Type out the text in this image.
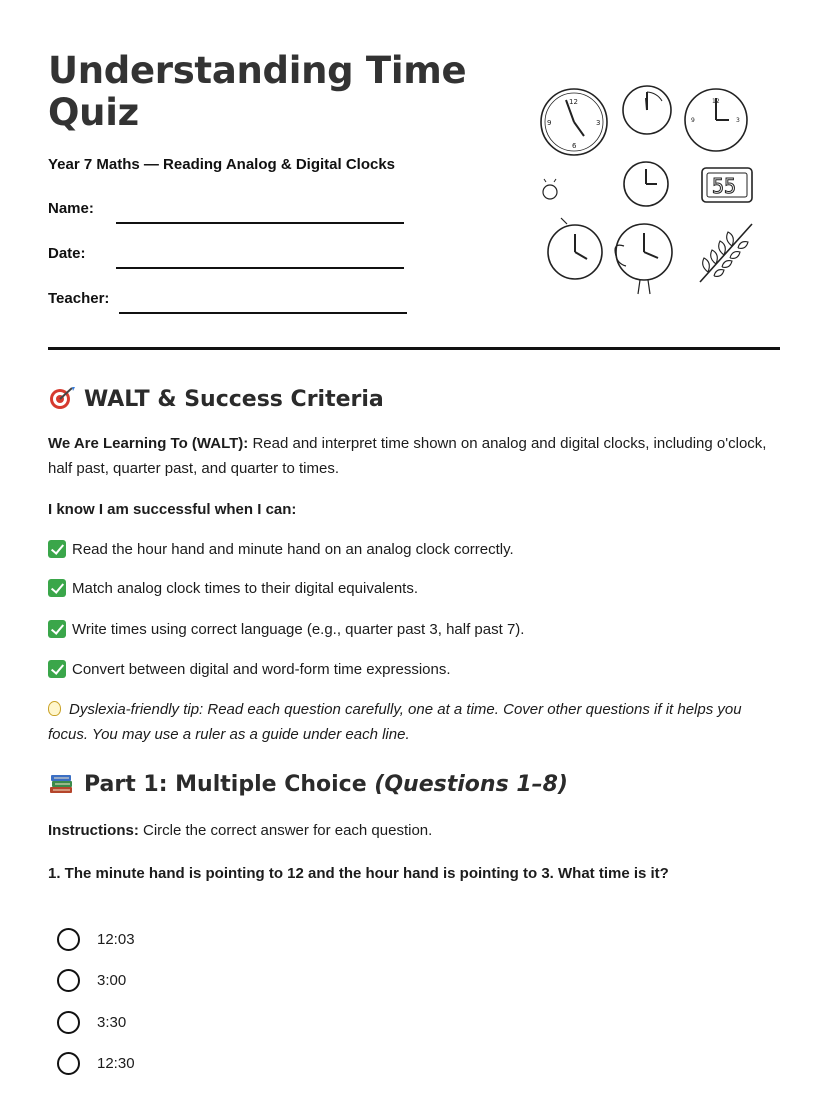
Understanding Time Quiz
Year 7 Maths — Reading Analog & Digital Clocks
Name:
Date:
Teacher:
12
3
6
9
12
3
9
55
WALT & Success Criteria

We Are Learning To (WALT): Read and interpret time shown on analog and digital clocks, including o'clock, half past, quarter past, and quarter to times.

I know I am successful when I can:
Read the hour hand and minute hand on an analog clock correctly.
Match analog clock times to their digital equivalents.
Write times using correct language (e.g., quarter past 3, half past 7).
Convert between digital and word-form time expressions.

Dyslexia-friendly tip: Read each question carefully, one at a time. Cover other questions if it helps you focus. You may use a ruler as a guide under each line.

Part 1: Multiple Choice (Questions 1–8)
Instructions: Circle the correct answer for each question.
1. The minute hand is pointing to 12 and the hour hand is pointing to 3. What time is it?
12:03
3:00
3:30
12:30
